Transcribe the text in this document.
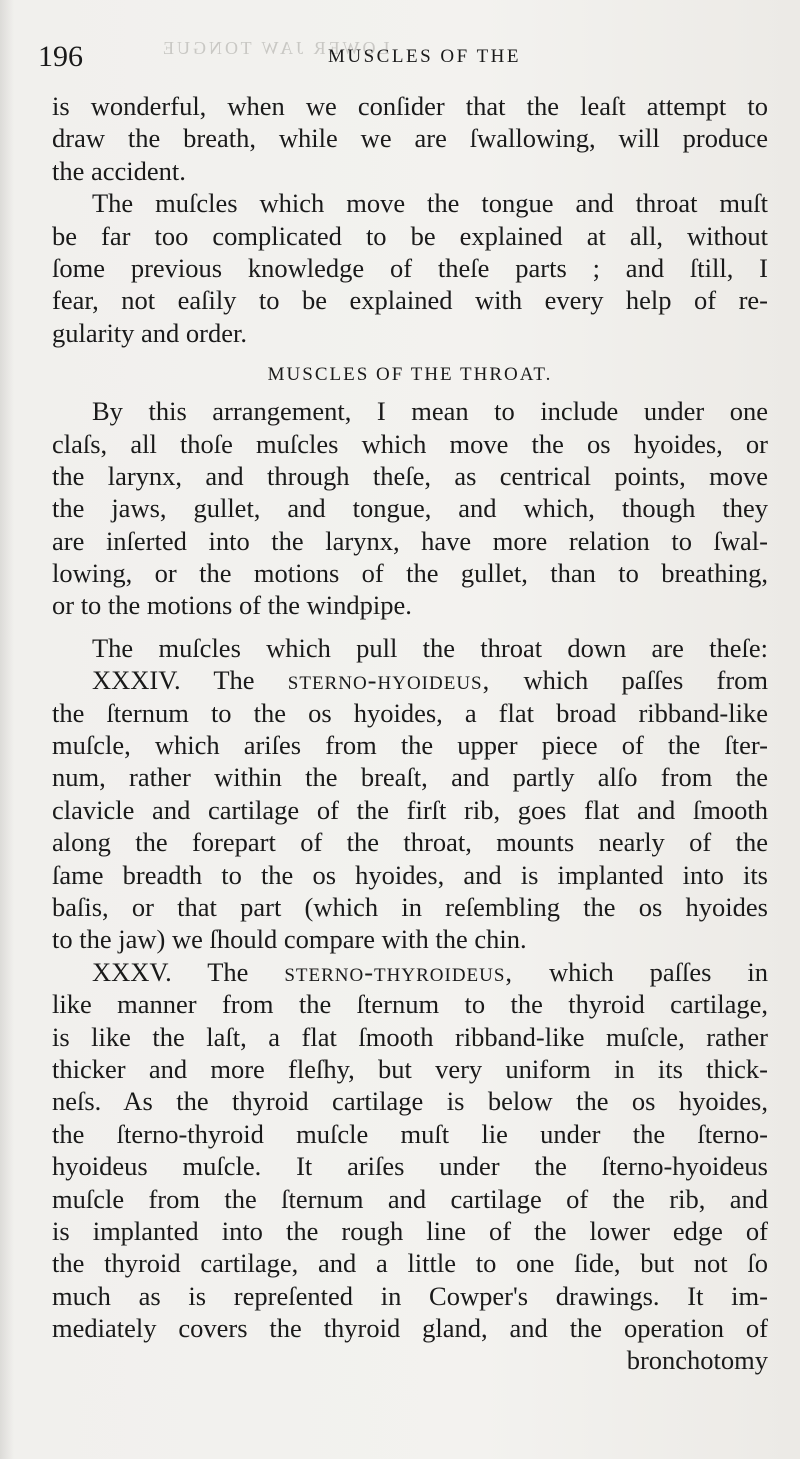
LOWER JAW TONGUE
196	MUSCLES OF THE
is wonderful, when we conſider that the leaſt attempt to
draw the breath, while we are ſwallowing, will produce
the accident.
The muſcles which move the tongue and throat muſt
be far too complicated to be explained at all, without
ſome previous knowledge of theſe parts ; and ſtill, I
fear, not eaſily to be explained with every help of re-
gularity and order.
MUSCLES OF THE THROAT.
By this arrangement, I mean to include under one
claſs, all thoſe muſcles which move the os hyoides, or
the larynx, and through theſe, as centrical points, move
the jaws, gullet, and tongue, and which, though they
are inſerted into the larynx, have more relation to ſwal-
lowing, or the motions of the gullet, than to breathing,
or to the motions of the windpipe.
The muſcles which pull the throat down are theſe:
XXXIV. The sterno-hyoideus, which paſſes from
the ſternum to the os hyoides, a flat broad ribband-like
muſcle, which ariſes from the upper piece of the ſter-
num, rather within the breaſt, and partly alſo from the
clavicle and cartilage of the firſt rib, goes flat and ſmooth
along the forepart of the throat, mounts nearly of the
ſame breadth to the os hyoides, and is implanted into its
baſis, or that part (which in reſembling the os hyoides
to the jaw) we ſhould compare with the chin.
XXXV. The sterno-thyroideus, which paſſes in
like manner from the ſternum to the thyroid cartilage,
is like the laſt, a flat ſmooth ribband-like muſcle, rather
thicker and more fleſhy, but very uniform in its thick-
neſs. As the thyroid cartilage is below the os hyoides,
the ſterno-thyroid muſcle muſt lie under the ſterno-
hyoideus muſcle. It ariſes under the ſterno-hyoideus
muſcle from the ſternum and cartilage of the rib, and
is implanted into the rough line of the lower edge of
the thyroid cartilage, and a little to one ſide, but not ſo
much as is repreſented in Cowper's drawings. It im-
mediately covers the thyroid gland, and the operation of
bronchotomy
